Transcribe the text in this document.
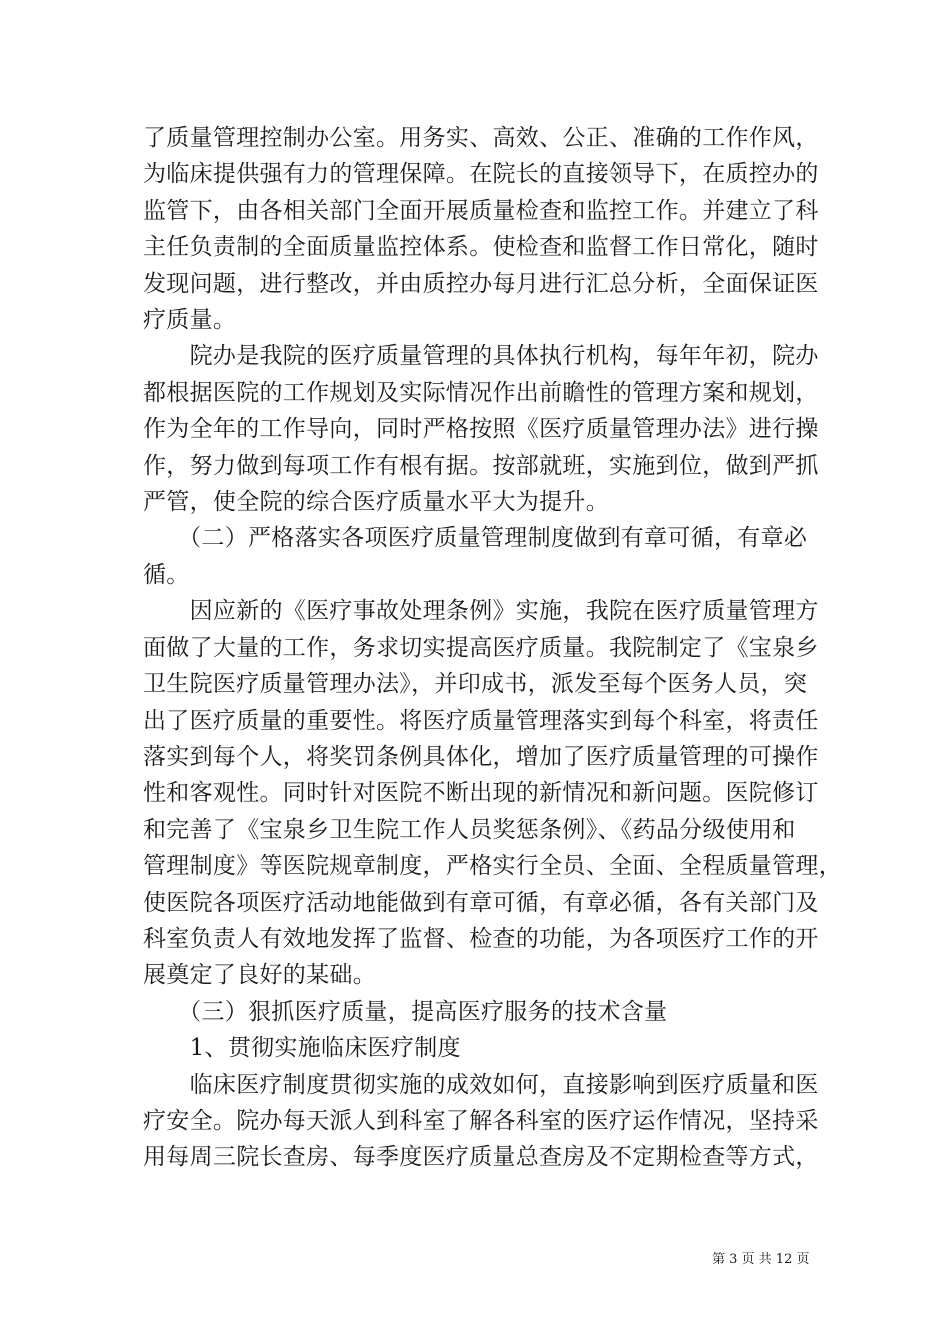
了质量管理控制办公室。用务实、高效、公正、准确的工作作风，
为临床提供强有力的管理保障。在院长的直接领导下，在质控办的
监管下，由各相关部门全面开展质量检查和监控工作。并建立了科
主任负责制的全面质量监控体系。使检查和监督工作日常化，随时
发现问题，进行整改，并由质控办每月进行汇总分析，全面保证医
疗质量。
　　院办是我院的医疗质量管理的具体执行机构，每年年初，院办
都根据医院的工作规划及实际情况作出前瞻性的管理方案和规划，
作为全年的工作导向，同时严格按照《医疗质量管理办法》进行操
作，努力做到每项工作有根有据。按部就班，实施到位，做到严抓
严管，使全院的综合医疗质量水平大为提升。
　　（二）严格落实各项医疗质量管理制度做到有章可循，有章必
循。
　　因应新的《医疗事故处理条例》实施，我院在医疗质量管理方
面做了大量的工作，务求切实提高医疗质量。我院制定了《宝泉乡
卫生院医疗质量管理办法》，并印成书，派发至每个医务人员，突
出了医疗质量的重要性。将医疗质量管理落实到每个科室，将责任
落实到每个人，将奖罚条例具体化，增加了医疗质量管理的可操作
性和客观性。同时针对医院不断出现的新情况和新问题。医院修订
和完善了《宝泉乡卫生院工作人员奖惩条例》、《药品分级使用和
管理制度》等医院规章制度，严格实行全员、全面、全程质量管理，
使医院各项医疗活动地能做到有章可循，有章必循，各有关部门及
科室负责人有效地发挥了监督、检查的功能，为各项医疗工作的开
展奠定了良好的某础。
　　（三）狠抓医疗质量，提高医疗服务的技术含量
　　1、贯彻实施临床医疗制度
　　临床医疗制度贯彻实施的成效如何，直接影响到医疗质量和医
疗安全。院办每天派人到科室了解各科室的医疗运作情况，坚持采
用每周三院长查房、每季度医疗质量总查房及不定期检查等方式，
第 3 页 共 12 页
